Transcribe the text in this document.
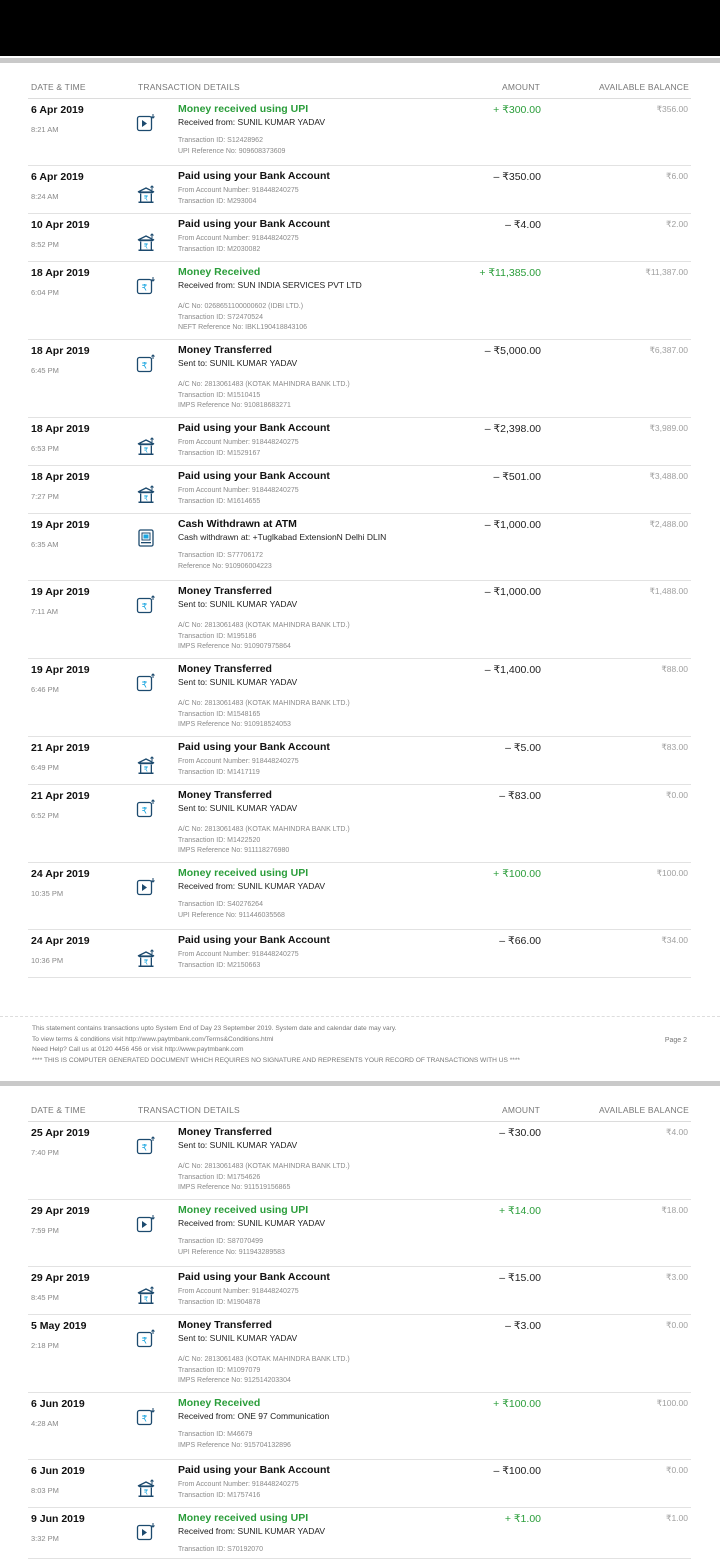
DATE & TIME	TRANSACTION DETAILS	AMOUNT	AVAILABLE BALANCE
6 Apr 2019
8:21 AM
Money received using UPI
Received from: SUNIL KUMAR YADAV
Transaction ID: S12428962
UPI Reference No: 909608373609
+ ₹300.00	₹356.00
6 Apr 2019
8:24 AM	₹
Paid using your Bank Account
From Account Number: 918448240275
Transaction ID: M293004
– ₹350.00	₹6.00
10 Apr 2019
8:52 PM	₹
Paid using your Bank Account
From Account Number: 918448240275
Transaction ID: M2030082
– ₹4.00	₹2.00
18 Apr 2019
6:04 PM	₹
Money Received
Received from: SUN INDIA SERVICES PVT LTD
A/C No: 0268651100000602 (IDBI LTD.)
Transaction ID: S72470524
NEFT Reference No: IBKL190418843106
+ ₹11,385.00	₹11,387.00
18 Apr 2019
6:45 PM	₹
Money Transferred
Sent to: SUNIL KUMAR YADAV
A/C No: 2813061483 (KOTAK MAHINDRA BANK LTD.)
Transaction ID: M1510415
IMPS Reference No: 910818683271
– ₹5,000.00	₹6,387.00
18 Apr 2019
6:53 PM	₹
Paid using your Bank Account
From Account Number: 918448240275
Transaction ID: M1529167
– ₹2,398.00	₹3,989.00
18 Apr 2019
7:27 PM	₹
Paid using your Bank Account
From Account Number: 918448240275
Transaction ID: M1614655
– ₹501.00	₹3,488.00
19 Apr 2019
6:35 AM
Cash Withdrawn at ATM
Cash withdrawn at: +Tuglkabad ExtensionN Delhi DLIN
Transaction ID: S77706172
Reference No: 910906004223
– ₹1,000.00	₹2,488.00
19 Apr 2019
7:11 AM	₹
Money Transferred
Sent to: SUNIL KUMAR YADAV
A/C No: 2813061483 (KOTAK MAHINDRA BANK LTD.)
Transaction ID: M195186
IMPS Reference No: 910907975864
– ₹1,000.00	₹1,488.00
19 Apr 2019
6:46 PM	₹
Money Transferred
Sent to: SUNIL KUMAR YADAV
A/C No: 2813061483 (KOTAK MAHINDRA BANK LTD.)
Transaction ID: M1548165
IMPS Reference No: 910918524053
– ₹1,400.00	₹88.00
21 Apr 2019
6:49 PM	₹
Paid using your Bank Account
From Account Number: 918448240275
Transaction ID: M1417119
– ₹5.00	₹83.00
21 Apr 2019
6:52 PM	₹
Money Transferred
Sent to: SUNIL KUMAR YADAV
A/C No: 2813061483 (KOTAK MAHINDRA BANK LTD.)
Transaction ID: M1422520
IMPS Reference No: 911118276980
– ₹83.00	₹0.00
24 Apr 2019
10:35 PM
Money received using UPI
Received from: SUNIL KUMAR YADAV
Transaction ID: S40276264
UPI Reference No: 911446035568
+ ₹100.00	₹100.00
24 Apr 2019
10:36 PM	₹
Paid using your Bank Account
From Account Number: 918448240275
Transaction ID: M2150663
– ₹66.00	₹34.00
This statement contains transactions upto System End of Day 23 September 2019. System date and calendar date may vary.
To view terms & conditions visit http://www.paytmbank.com/Terms&Conditions.html
Need Help? Call us at 0120 4456 456 or visit http://www.paytmbank.com
**** THIS IS COMPUTER GENERATED DOCUMENT WHICH REQUIRES NO SIGNATURE AND REPRESENTS YOUR RECORD OF TRANSACTIONS WITH US ****
Page 2
DATE & TIME	TRANSACTION DETAILS	AMOUNT	AVAILABLE BALANCE
25 Apr 2019
7:40 PM	₹
Money Transferred
Sent to: SUNIL KUMAR YADAV
A/C No: 2813061483 (KOTAK MAHINDRA BANK LTD.)
Transaction ID: M1754626
IMPS Reference No: 911519156865
– ₹30.00	₹4.00
29 Apr 2019
7:59 PM
Money received using UPI
Received from: SUNIL KUMAR YADAV
Transaction ID: S87070499
UPI Reference No: 911943289583
+ ₹14.00	₹18.00
29 Apr 2019
8:45 PM	₹
Paid using your Bank Account
From Account Number: 918448240275
Transaction ID: M1904878
– ₹15.00	₹3.00
5 May 2019
2:18 PM	₹
Money Transferred
Sent to: SUNIL KUMAR YADAV
A/C No: 2813061483 (KOTAK MAHINDRA BANK LTD.)
Transaction ID: M1097079
IMPS Reference No: 912514203304
– ₹3.00	₹0.00
6 Jun 2019
4:28 AM	₹
Money Received
Received from: ONE 97 Communication
Transaction ID: M46679
IMPS Reference No: 915704132896
+ ₹100.00	₹100.00
6 Jun 2019
8:03 PM	₹
Paid using your Bank Account
From Account Number: 918448240275
Transaction ID: M1757416
– ₹100.00	₹0.00
9 Jun 2019
3:32 PM
Money received using UPI
Received from: SUNIL KUMAR YADAV
Transaction ID: S70192070
+ ₹1.00	₹1.00
